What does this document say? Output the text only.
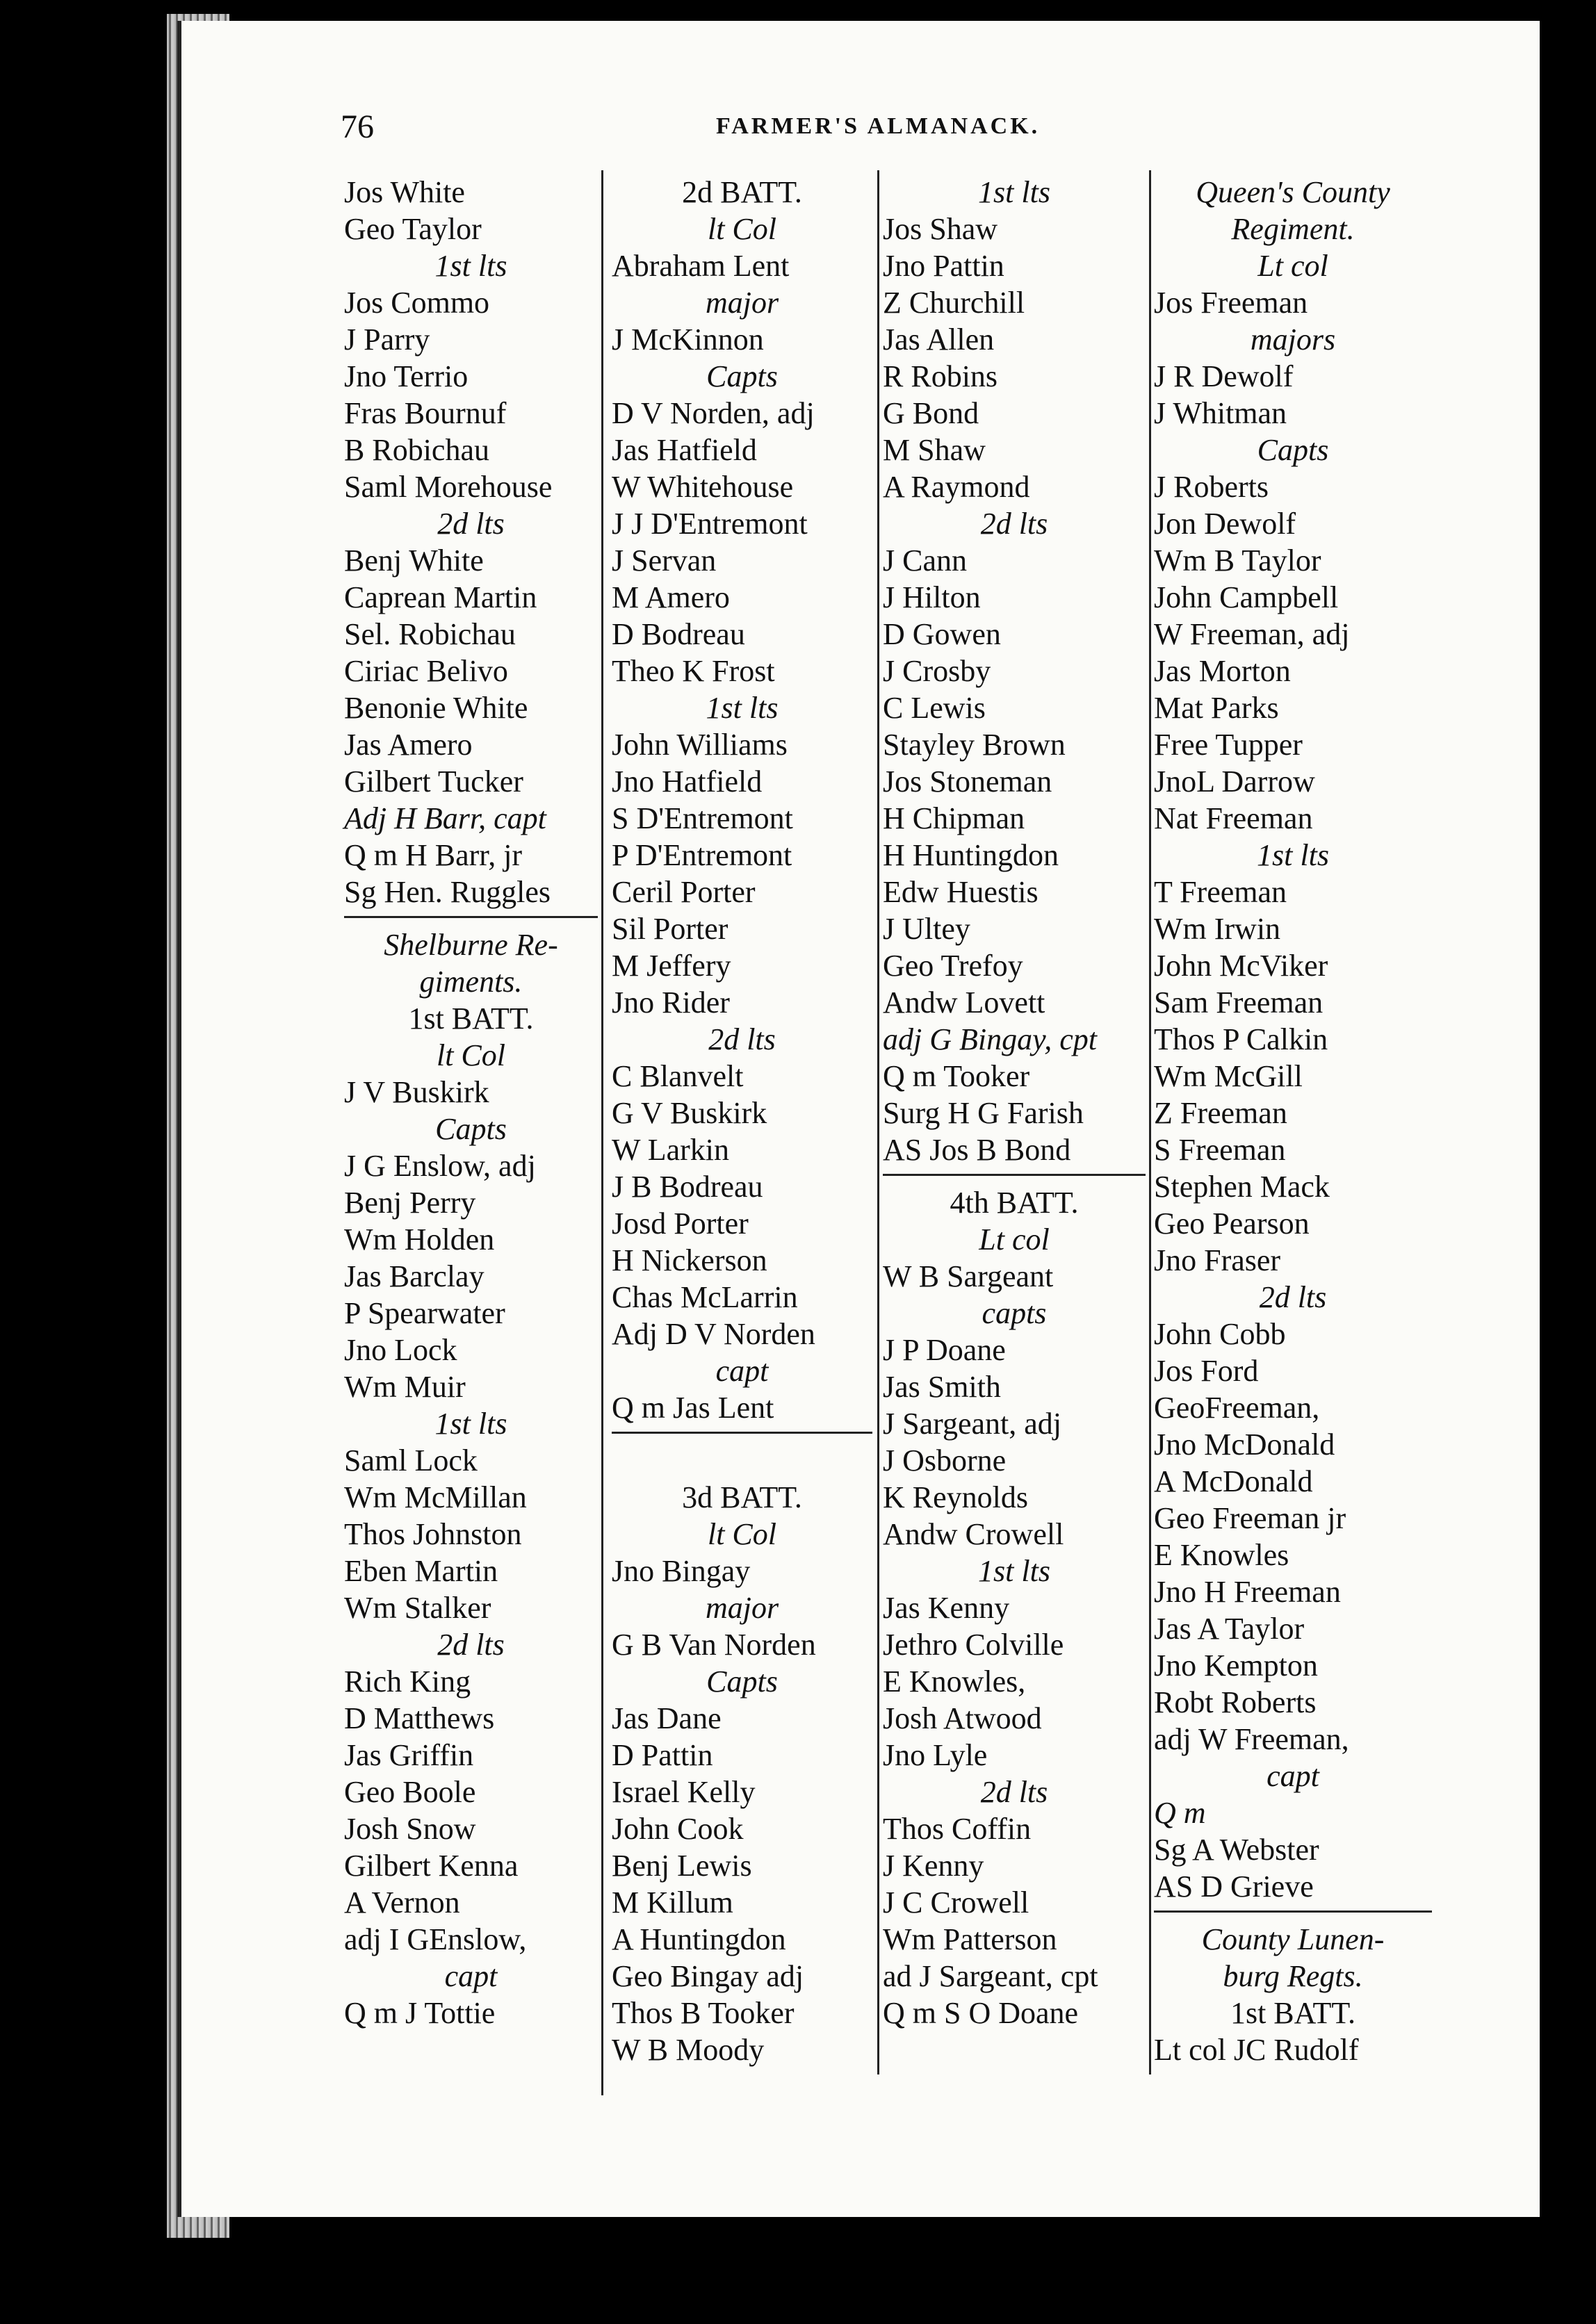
76	FARMER'S ALMANACK.
Jos White
Geo Taylor
1st lts
Jos Commo
J Parry
Jno Terrio
Fras Bournuf
B Robichau
Saml Morehouse
2d lts
Benj White
Caprean Martin
Sel. Robichau
Ciriac Belivo
Benonie White
Jas Amero
Gilbert Tucker
Adj H Barr, capt
Q m H Barr, jr
Sg Hen. Ruggles
Shelburne Re-
giments.
1st BATT.
lt Col
J V Buskirk
Capts
J G Enslow, adj
Benj Perry
Wm Holden
Jas Barclay
P Spearwater
Jno Lock
Wm Muir
1st lts
Saml Lock
Wm McMillan
Thos Johnston
Eben Martin
Wm Stalker
2d lts
Rich King
D Matthews
Jas Griffin
Geo Boole
Josh Snow
Gilbert Kenna
A Vernon
adj I GEnslow,
capt
Q m J Tottie
2d BATT.
lt Col
Abraham Lent
major
J McKinnon
Capts
D V Norden, adj
Jas Hatfield
W Whitehouse
J J D'Entremont
J Servan
M Amero
D Bodreau
Theo K Frost
1st lts
John Williams
Jno Hatfield
S D'Entremont
P D'Entremont
Ceril Porter
Sil Porter
M Jeffery
Jno Rider
2d lts
C Blanvelt
G V Buskirk
W Larkin
J B Bodreau
Josd Porter
H Nickerson
Chas McLarrin
Adj D V Norden
capt
Q m Jas Lent
3d BATT.
lt Col
Jno Bingay
major
G B Van Norden
Capts
Jas Dane
D Pattin
Israel Kelly
John Cook
Benj Lewis
M Killum
A Huntingdon
Geo Bingay adj
Thos B Tooker
W B Moody
1st lts
Jos Shaw
Jno Pattin
Z Churchill
Jas Allen
R Robins
G Bond
M Shaw
A Raymond
2d lts
J Cann
J Hilton
D Gowen
J Crosby
C Lewis
Stayley Brown
Jos Stoneman
H Chipman
H Huntingdon
Edw Huestis
J Ultey
Geo Trefoy
Andw Lovett
adj G Bingay, cpt
Q m Tooker
Surg H G Farish
AS Jos B Bond
4th BATT.
Lt col
W B Sargeant
capts
J P Doane
Jas Smith
J Sargeant, adj
J Osborne
K Reynolds
Andw Crowell
1st lts
Jas Kenny
Jethro Colville
E Knowles,
Josh Atwood
Jno Lyle
2d lts
Thos Coffin
J Kenny
J C Crowell
Wm Patterson
ad J Sargeant, cpt
Q m S O Doane
Queen's County
Regiment.
Lt col
Jos Freeman
majors
J R Dewolf
J Whitman
Capts
J Roberts
Jon Dewolf
Wm B Taylor
John Campbell
W Freeman, adj
Jas Morton
Mat Parks
Free Tupper
JnoL Darrow
Nat Freeman
1st lts
T Freeman
Wm Irwin
John McViker
Sam Freeman
Thos P Calkin
Wm McGill
Z Freeman
S Freeman
Stephen Mack
Geo Pearson
Jno Fraser
2d lts
John Cobb
Jos Ford
GeoFreeman,
Jno McDonald
A McDonald
Geo Freeman jr
E Knowles
Jno H Freeman
Jas A Taylor
Jno Kempton
Robt Roberts
adj W Freeman,
capt
Q m
Sg A Webster
AS D Grieve
County Lunen-
burg Regts.
1st BATT.
Lt col JC Rudolf
